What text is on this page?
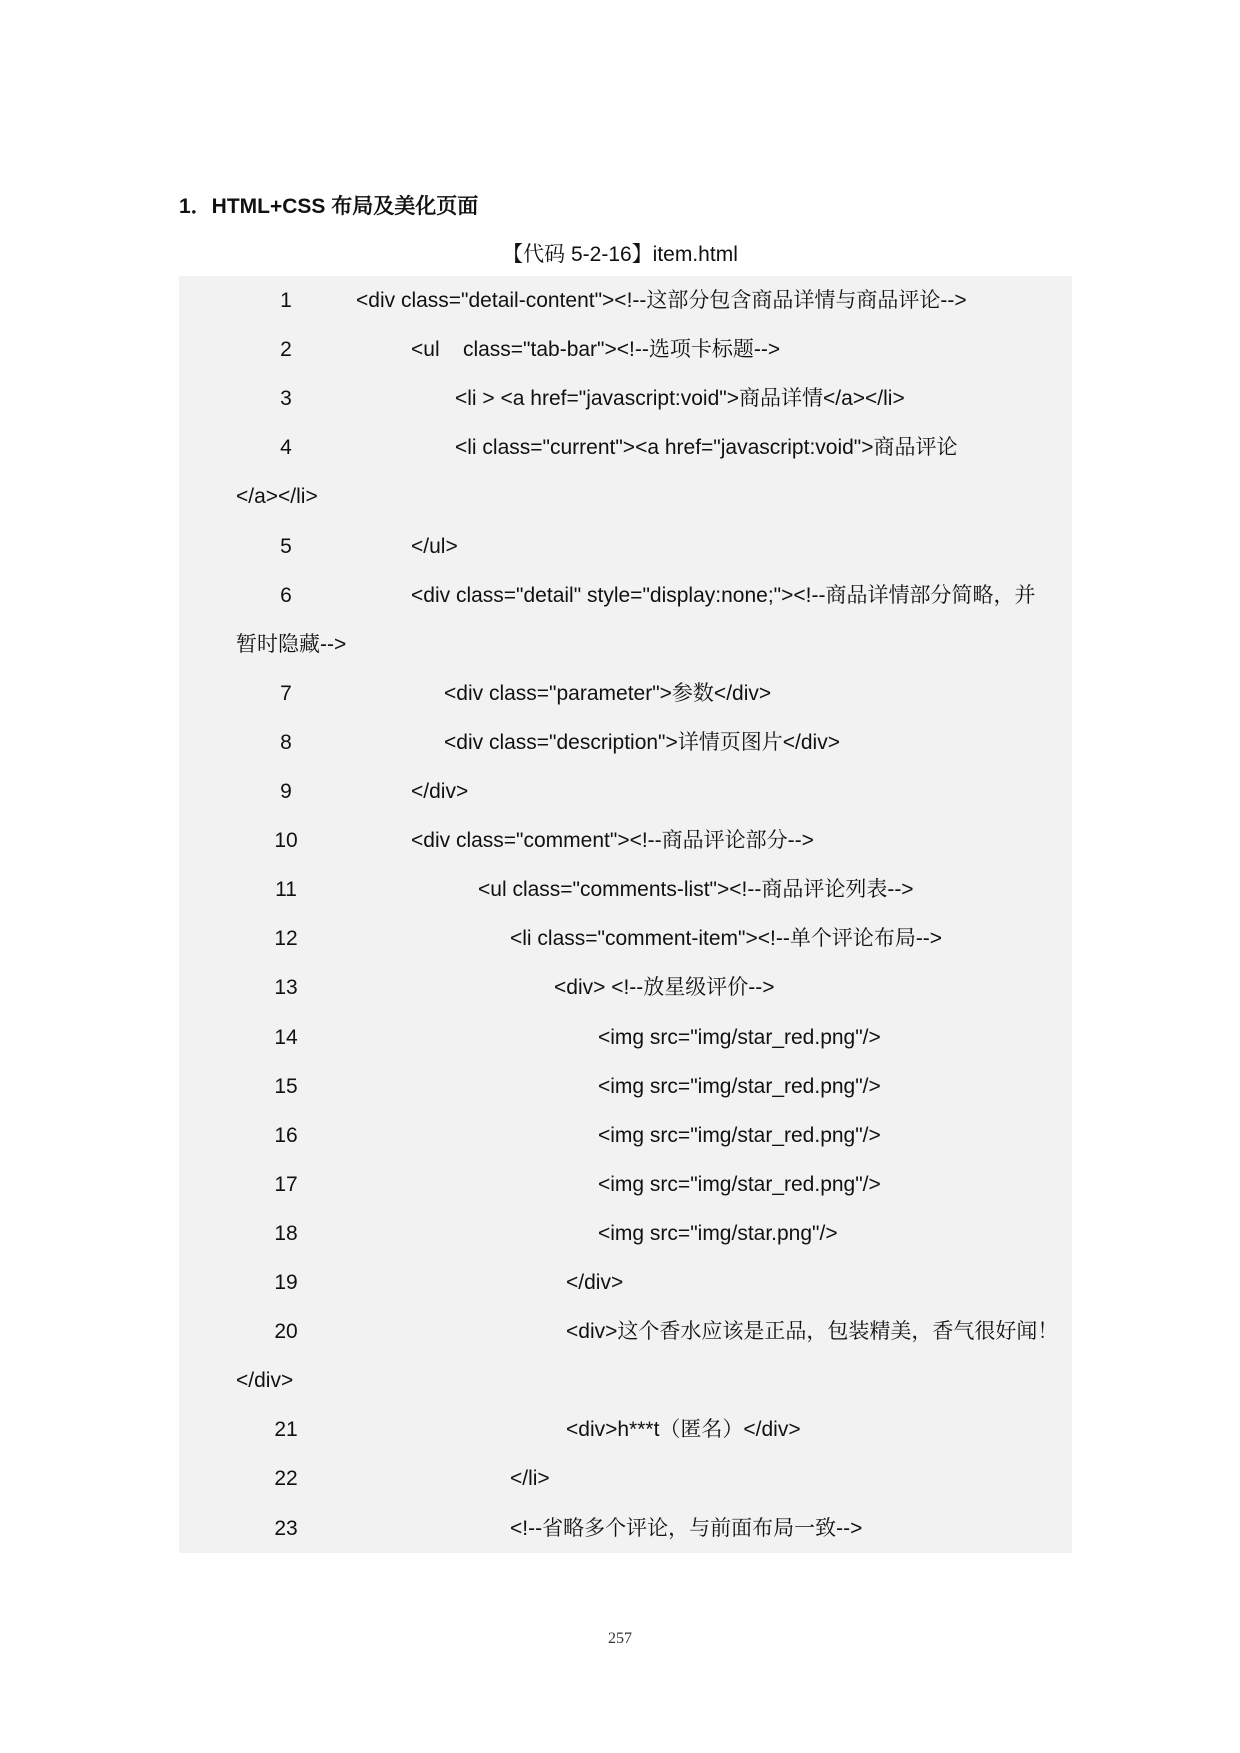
1．HTML+CSS 布局及美化页面
【代码 5-2-16】item.html
1	<div class="detail-content"><!--这部分包含商品详情与商品评论-->
2	<ul    class="tab-bar"><!--选项卡标题-->
3	<li > <a href="javascript:void">商品详情</a></li>
4	<li class="current"><a href="javascript:void">商品评论
</a></li>
5	</ul>
6	<div class="detail" style="display:none;"><!--商品详情部分简略，并
暂时隐藏-->
7	<div class="parameter">参数</div>
8	<div class="description">详情页图片</div>
9	</div>
10	<div class="comment"><!--商品评论部分-->
11	<ul class="comments-list"><!--商品评论列表-->
12	<li class="comment-item"><!--单个评论布局-->
13	<div> <!--放星级评价-->
14	<img src="img/star_red.png"/>
15	<img src="img/star_red.png"/>
16	<img src="img/star_red.png"/>
17	<img src="img/star_red.png"/>
18	<img src="img/star.png"/>
19	</div>
20	<div>这个香水应该是正品，包装精美，香气很好闻！
</div>
21	<div>h***t（匿名）</div>
22	</li>
23	<!--省略多个评论，与前面布局一致-->
257
